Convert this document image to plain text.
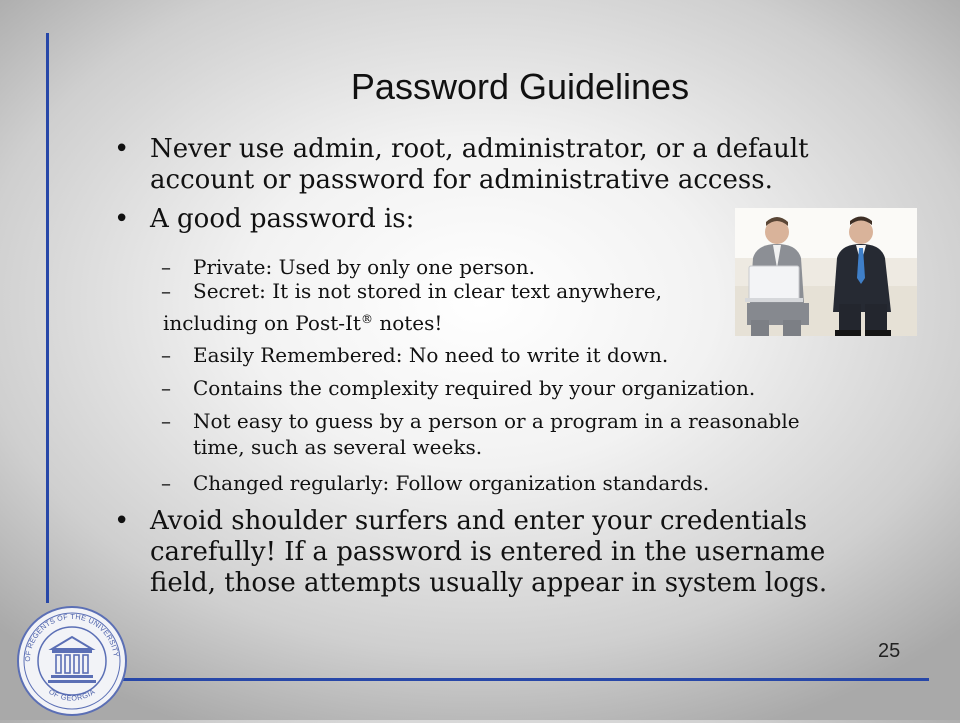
Password Guidelines
• Never use admin, root, administrator, or a default
account or password for administrative access.
• A good password is:
– Private: Used by only one person.
– Secret: It is not stored in clear text anywhere,
including on Post-It® notes!
– Easily Remembered: No need to write it down.
– Contains the complexity required by your organization.
– Not easy to guess by a person or a program in a reasonable
time, such as several weeks.
– Changed regularly: Follow organization standards.
• Avoid shoulder surfers and enter your credentials
carefully! If a password is entered in the username
field, those attempts usually appear in system logs.
25
OF REGENTS OF THE UNIVERSITY
OF GEORGIA
